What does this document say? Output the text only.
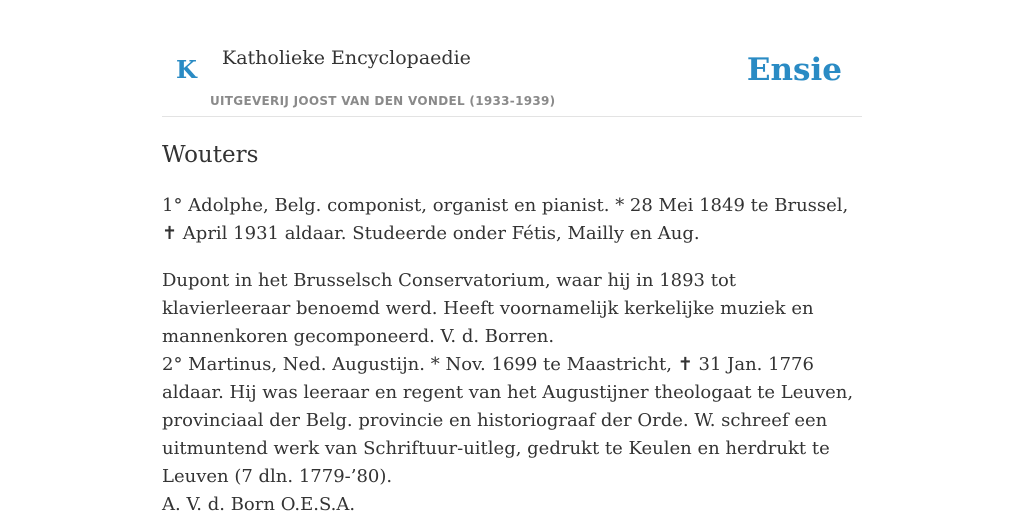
K Katholieke Encyclopaedie
UITGEVERIJ JOOST VAN DEN VONDEL (1933-1939)
Ensie
Wouters

1° Adolphe, Belg. componist, organist en pianist. * 28 Mei 1849 te Brussel, ✝ April 1931 aldaar. Studeerde onder Fétis, Mailly en Aug.

Dupont in het Brusselsch Conservatorium, waar hij in 1893 tot klavierleeraar benoemd werd. Heeft voornamelijk kerkelijke muziek en mannenkoren gecomponeerd. V. d. Borren.

2° Martinus, Ned. Augustijn. * Nov. 1699 te Maastricht, ✝ 31 Jan. 1776 aldaar. Hij was leeraar en regent van het Augustijner theologaat te Leuven, provinciaal der Belg. provincie en historiograaf der Orde. W. schreef een uitmuntend werk van Schriftuur-uitleg, gedrukt te Keulen en herdrukt te Leuven (7 dln. 1779-’80).

A. V. d. Born O.E.S.A.
